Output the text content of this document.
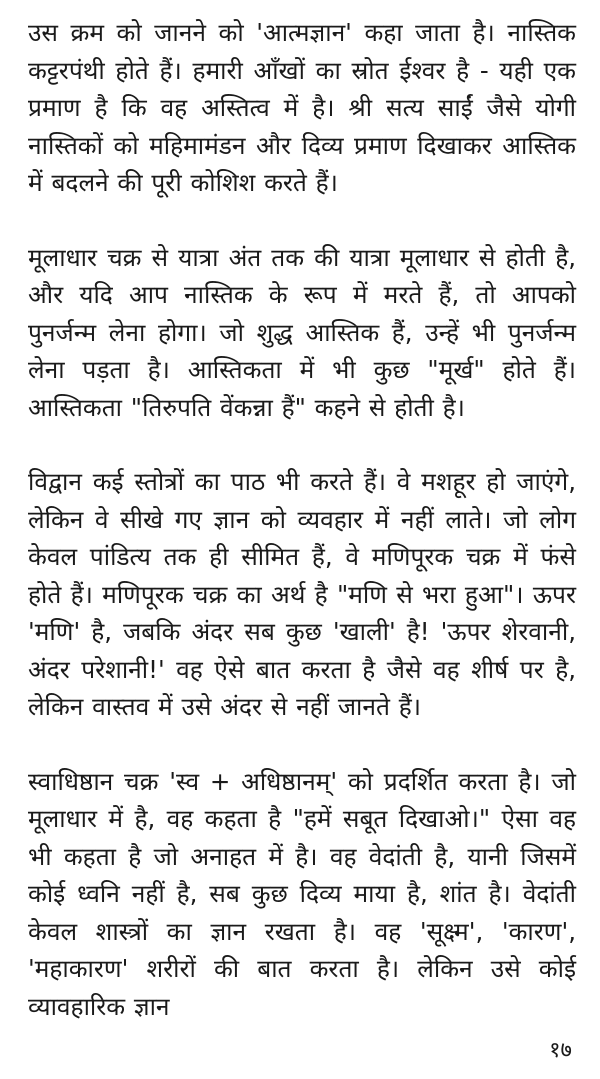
उस क्रम को जानने को 'आत्मज्ञान' कहा जाता है। नास्तिक कट्टरपंथी होते हैं। हमारी आँखों का स्रोत ईश्वर है - यही एक प्रमाण है कि वह अस्तित्व में है। श्री सत्य साईं जैसे योगी नास्तिकों को महिमामंडन और दिव्य प्रमाण दिखाकर आस्तिक में बदलने की पूरी कोशिश करते हैं।

मूलाधार चक्र से यात्रा अंत तक की यात्रा मूलाधार से होती है, और यदि आप नास्तिक के रूप में मरते हैं, तो आपको पुनर्जन्म लेना होगा। जो शुद्ध आस्तिक हैं, उन्हें भी पुनर्जन्म लेना पड़ता है। आस्तिकता में भी कुछ "मूर्ख" होते हैं। आस्तिकता "तिरुपति वेंकन्ना हैं" कहने से होती है।

विद्वान कई स्तोत्रों का पाठ भी करते हैं। वे मशहूर हो जाएंगे, लेकिन वे सीखे गए ज्ञान को व्यवहार में नहीं लाते। जो लोग केवल पांडित्य तक ही सीमित हैं, वे मणिपूरक चक्र में फंसे होते हैं। मणिपूरक चक्र का अर्थ है "मणि से भरा हुआ"। ऊपर 'मणि' है, जबकि अंदर सब कुछ 'खाली' है! 'ऊपर शेरवानी, अंदर परेशानी!' वह ऐसे बात करता है जैसे वह शीर्ष पर है, लेकिन वास्तव में उसे अंदर से नहीं जानते हैं।

स्वाधिष्ठान चक्र 'स्व + अधिष्ठानम्' को प्रदर्शित करता है। जो मूलाधार में है, वह कहता है "हमें सबूत दिखाओ।" ऐसा वह भी कहता है जो अनाहत में है। वह वेदांती है, यानी जिसमें कोई ध्वनि नहीं है, सब कुछ दिव्य माया है, शांत है। वेदांती केवल शास्त्रों का ज्ञान रखता है। वह 'सूक्ष्म', 'कारण', 'महाकारण' शरीरों की बात करता है। लेकिन उसे कोई व्यावहारिक ज्ञान

१७
